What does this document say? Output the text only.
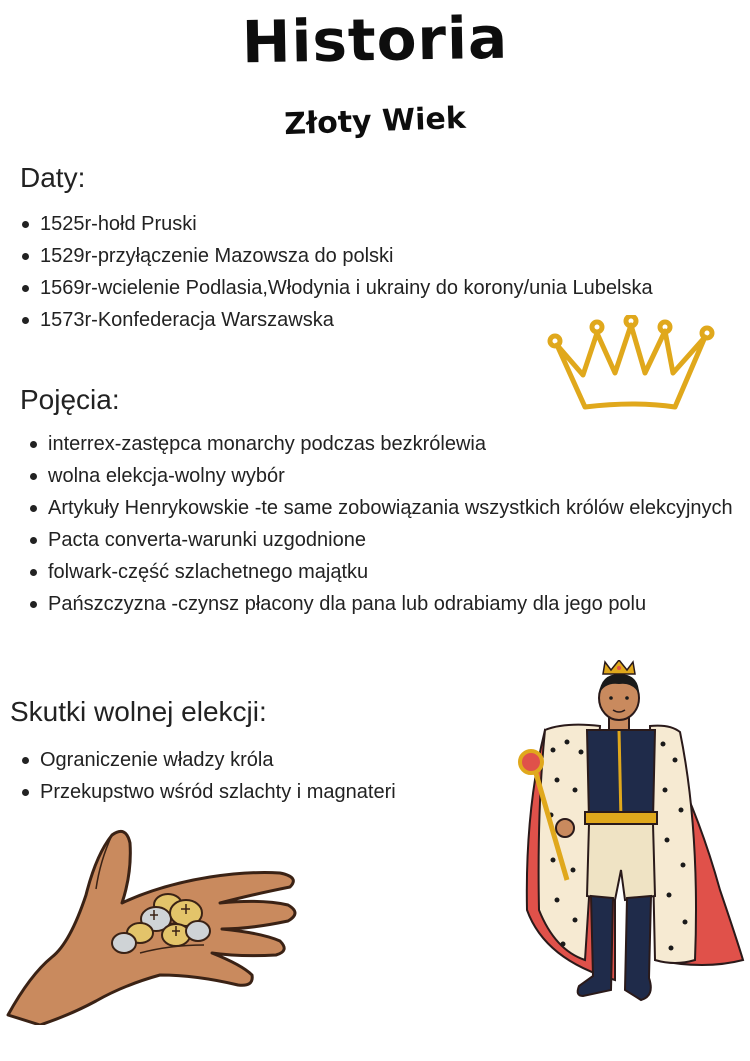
Historia
Złoty Wiek
Daty:
1525r-hołd Pruski
1529r-przyłączenie Mazowsza do polski
1569r-wcielenie Podlasia,Włodynia i ukrainy do korony/unia Lubelska
1573r-Konfederacja Warszawska
Pojęcia:
interrex-zastępca monarchy podczas bezkrólewia
wolna elekcja-wolny wybór
Artykuły Henrykowskie -te same zobowiązania wszystkich królów elekcyjnych
Pacta converta-warunki uzgodnione
folwark-część szlachetnego majątku
Pańszczyzna -czynsz płacony dla pana lub odrabiamy dla jego polu
Skutki wolnej elekcji:
Ograniczenie władzy króla
Przekupstwo wśród szlachty i magnateri
